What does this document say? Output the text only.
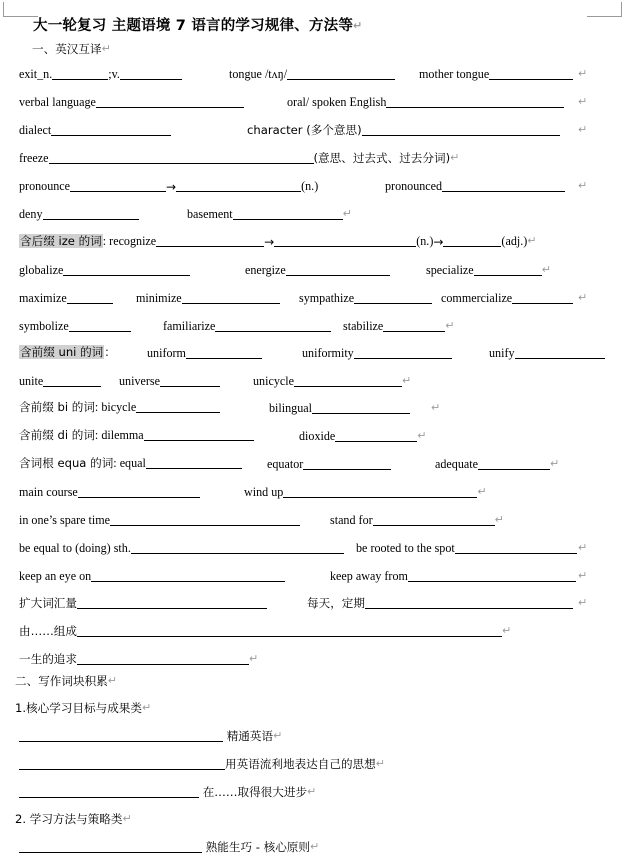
大一轮复习 主题语境 7 语言的学习规律、方法等↵
一、英汉互译↵
exit_n.	;v.	tongue /tʌŋ/	mother tongue	↵
verbal language	oral/ spoken English	↵
dialect	character (多个意思)	↵
freeze	(意思、过去式、过去分词)↵
pronounce	→	(n.)	pronounced	↵
deny	basement	↵
含后缀 ize 的词: recognize	→	(n.)→	(adj.)↵
globalize	energize	specialize	↵
maximize	minimize	sympathize	commercialize	↵
symbolize	familiarize	stabilize	↵
含前缀 uni 的词：	uniform	uniformity	unify
unite	universe	unicycle	↵
含前缀 bi 的词: bicycle	bilingual	↵
含前缀 di 的词: dilemma	dioxide	↵
含词根 equa 的词: equal	equator	adequate	↵
main course	wind up	↵
in one’s spare time	stand for	↵
be equal to (doing) sth.	be rooted to the spot	↵
keep an eye on	keep away from	↵
扩大词汇量	每天，定期	↵
由……组成	↵
一生的追求	↵
二、写作词块积累↵
1.核心学习目标与成果类↵
精通英语↵
用英语流利地表达自己的思想↵
在……取得很大进步↵
2. 学习方法与策略类↵
熟能生巧 - 核心原则↵
